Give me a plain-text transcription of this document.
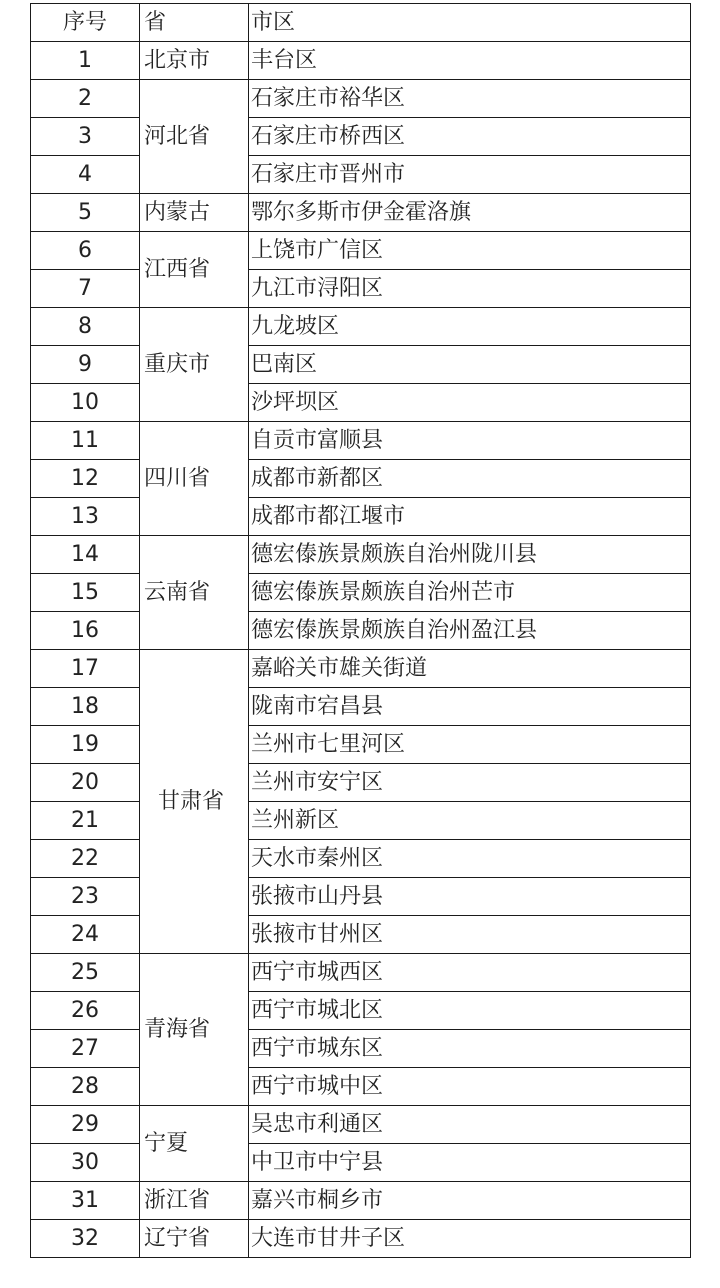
序号	省	市区
1	北京市	丰台区
2	河北省	石家庄市裕华区
3		石家庄市桥西区
4		石家庄市晋州市
5	内蒙古	鄂尔多斯市伊金霍洛旗
6	江西省	上饶市广信区
7		九江市浔阳区
8	重庆市	九龙坡区
9		巴南区
10		沙坪坝区
11	四川省	自贡市富顺县
12		成都市新都区
13		成都市都江堰市
14	云南省	德宏傣族景颇族自治州陇川县
15		德宏傣族景颇族自治州芒市
16		德宏傣族景颇族自治州盈江县
17	甘肃省	嘉峪关市雄关街道
18		陇南市宕昌县
19		兰州市七里河区
20		兰州市安宁区
21		兰州新区
22		天水市秦州区
23		张掖市山丹县
24		张掖市甘州区
25	青海省	西宁市城西区
26		西宁市城北区
27		西宁市城东区
28		西宁市城中区
29	宁夏	吴忠市利通区
30		中卫市中宁县
31	浙江省	嘉兴市桐乡市
32	辽宁省	大连市甘井子区
